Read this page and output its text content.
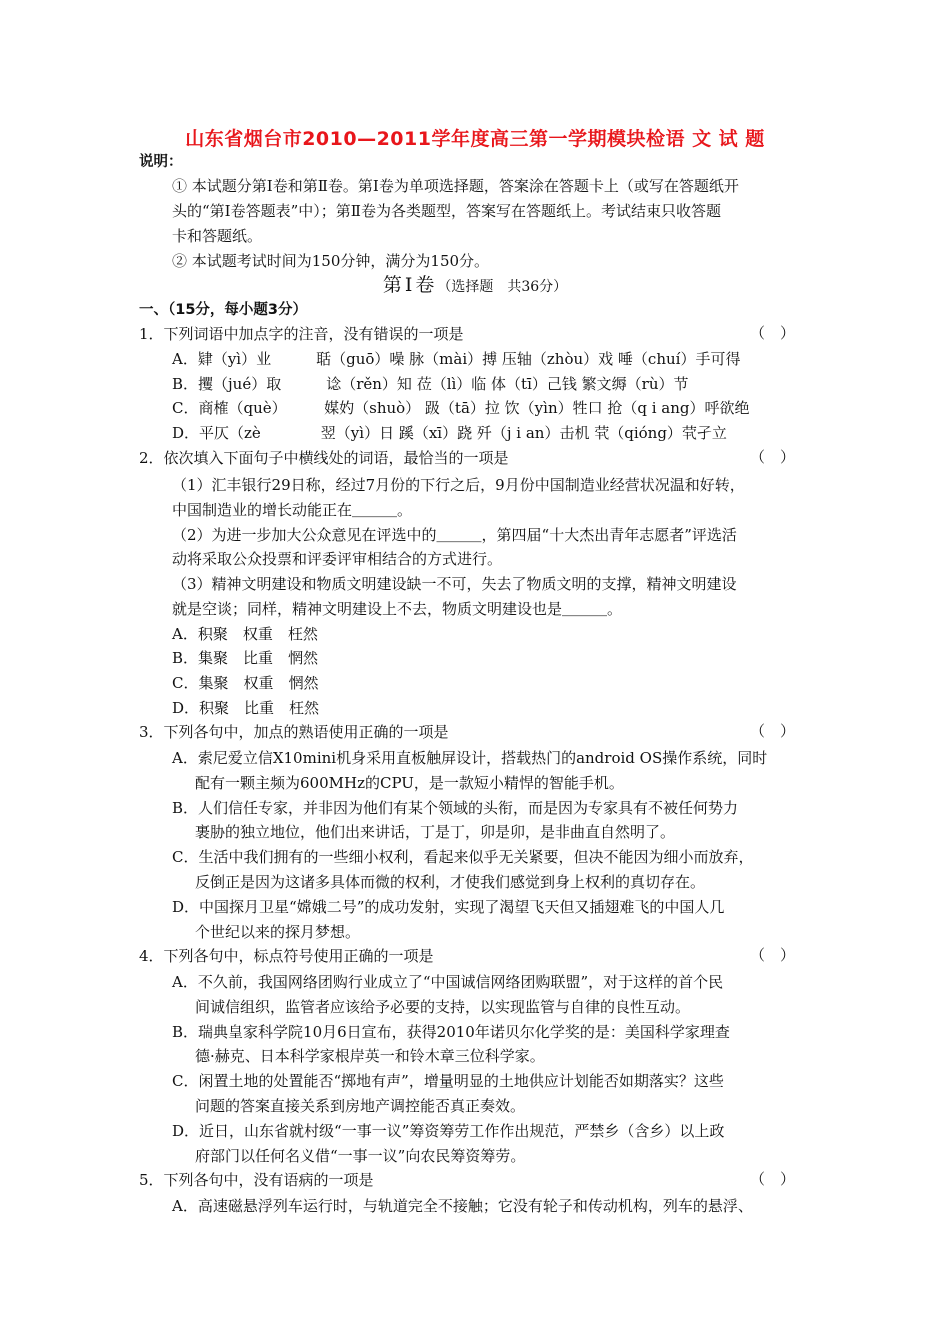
山东省烟台市2010—2011学年度高三第一学期模块检语 文 试 题
说明：
① 本试题分第Ⅰ卷和第Ⅱ卷。第Ⅰ卷为单项选择题，答案涂在答题卡上（或写在答题纸开
头的“第Ⅰ卷答题表”中）；第Ⅱ卷为各类题型，答案写在答题纸上。考试结束只收答题
卡和答题纸。
② 本试题考试时间为150分钟，满分为150分。
第Ⅰ卷（选择题　共36分）
一、（15分，每小题3分）
1．下列词语中加点字的注音，没有错误的一项是	（　）
A．肄（yì）业　　　聒（guō）噪 脉（mài）搏 压轴（zhòu）戏 唾（chuí）手可得
B．攫（jué）取　　　谂（rěn）知 莅（lì）临 体（tī）己钱 繁文缛（rù）节
C．商榷（què）　　　媒妁（shuò） 趿（tā）拉 饮（yìn）牲口 抢（q i ang）呼欲绝
D．平仄（zè　　　　翌（yì）日 蹊（xī）跷 歼（j i an）击机 茕（qióng）茕孑立
2．依次填入下面句子中横线处的词语，最恰当的一项是	（　）
（1）汇丰银行29日称，经过7月份的下行之后，9月份中国制造业经营状况温和好转，
中国制造业的增长动能正在＿＿＿。
（2）为进一步加大公众意见在评选中的＿＿＿，第四届“十大杰出青年志愿者”评选活
动将采取公众投票和评委评审相结合的方式进行。
（3）精神文明建设和物质文明建设缺一不可，失去了物质文明的支撑，精神文明建设
就是空谈；同样，精神文明建设上不去，物质文明建设也是＿＿＿。
A．积聚　权重　枉然
B．集聚　比重　惘然
C．集聚　权重　惘然
D．积聚　比重　枉然
3．下列各句中，加点的熟语使用正确的一项是	（　）
A．索尼爱立信X10mini机身采用直板触屏设计，搭载热门的android OS操作系统，同时
配有一颗主频为600MHz的CPU，是一款短小精悍的智能手机。
B．人们信任专家，并非因为他们有某个领域的头衔，而是因为专家具有不被任何势力
裹胁的独立地位，他们出来讲话，丁是丁，卯是卯，是非曲直自然明了。
C．生活中我们拥有的一些细小权利，看起来似乎无关紧要，但决不能因为细小而放弃，
反倒正是因为这诸多具体而微的权利，才使我们感觉到身上权利的真切存在。
D．中国探月卫星“嫦娥二号”的成功发射，实现了渴望飞天但又插翅难飞的中国人几
个世纪以来的探月梦想。
4．下列各句中，标点符号使用正确的一项是	（　）
A．不久前，我国网络团购行业成立了“中国诚信网络团购联盟”，对于这样的首个民
间诚信组织，监管者应该给予必要的支持，以实现监管与自律的良性互动。
B．瑞典皇家科学院10月6日宣布，获得2010年诺贝尔化学奖的是：美国科学家理查
德·赫克、日本科学家根岸英一和铃木章三位科学家。
C．闲置土地的处置能否“掷地有声”，增量明显的土地供应计划能否如期落实？这些
问题的答案直接关系到房地产调控能否真正奏效。
D．近日，山东省就村级“一事一议”筹资筹劳工作作出规范，严禁乡（含乡）以上政
府部门以任何名义借“一事一议”向农民筹资筹劳。
5．下列各句中，没有语病的一项是	（　）
A．高速磁悬浮列车运行时，与轨道完全不接触；它没有轮子和传动机构，列车的悬浮、
